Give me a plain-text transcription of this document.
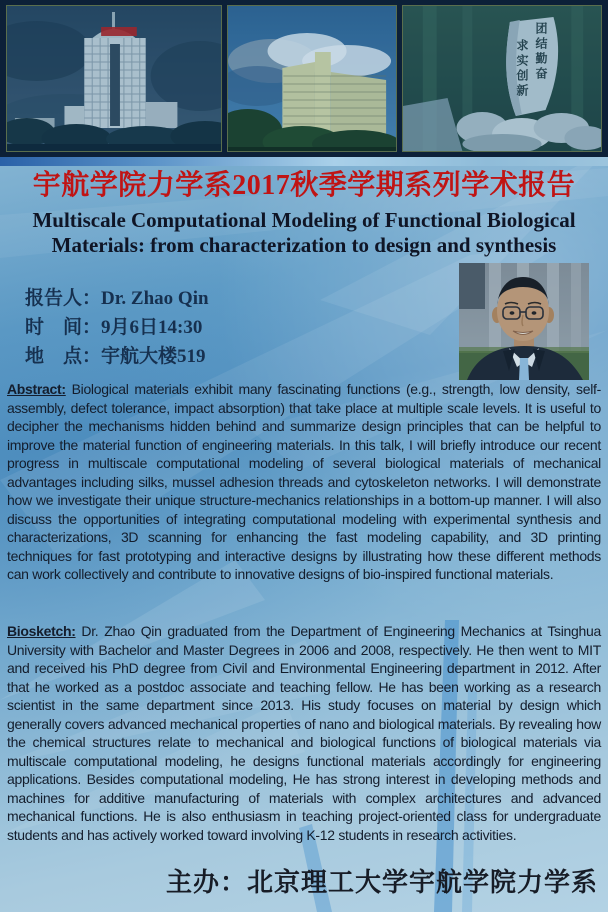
团结勤奋
求实创新
宇航学院力学系2017秋季学期系列学术报告
Multiscale Computational Modeling of Functional Biological
Materials: from characterization to design and synthesis
报告人：Dr. Zhao Qin
时　间：9月6日14:30
地　点：宇航大楼519

Abstract: Biological materials exhibit many fascinating functions (e.g., strength, low density, self-assembly, defect tolerance, impact absorption) that take place at multiple scale levels. It is useful to decipher the mechanisms hidden behind and summarize design principles that can be helpful to improve the material function of engineering materials. In this talk, I will briefly introduce our recent progress in multiscale computational modeling of several biological materials of mechanical advantages including silks, mussel adhesion threads and cytoskeleton networks. I will demonstrate how we investigate their unique structure-mechanics relationships in a bottom-up manner. I will also discuss the opportunities of integrating computational modeling with experimental synthesis and characterizations, 3D scanning for enhancing the fast modeling capability, and 3D printing techniques for fast prototyping and interactive designs by illustrating how these different methods can work collectively and contribute to innovative designs of bio-inspired functional materials.

Biosketch: Dr. Zhao Qin graduated from the Department of Engineering Mechanics at Tsinghua University with Bachelor and Master Degrees in 2006 and 2008, respectively. He then went to MIT and received his PhD degree from Civil and Environmental Engineering department in 2012. After that he worked as a postdoc associate and teaching fellow. He has been working as a research scientist in the same department since 2013. His study focuses on material by design which generally covers advanced mechanical properties of nano and biological materials. By revealing how the chemical structures relate to mechanical and biological functions of biological materials via multiscale computational modeling, he designs functional materials accordingly for engineering applications. Besides computational modeling, He has strong interest in developing methods and machines for additive manufacturing of materials with complex architectures and advanced mechanical functions. He is also enthusiasm in teaching project-oriented class for undergraduate students and has actively worked toward involving K-12 students in research activities.

主办：北京理工大学宇航学院力学系
